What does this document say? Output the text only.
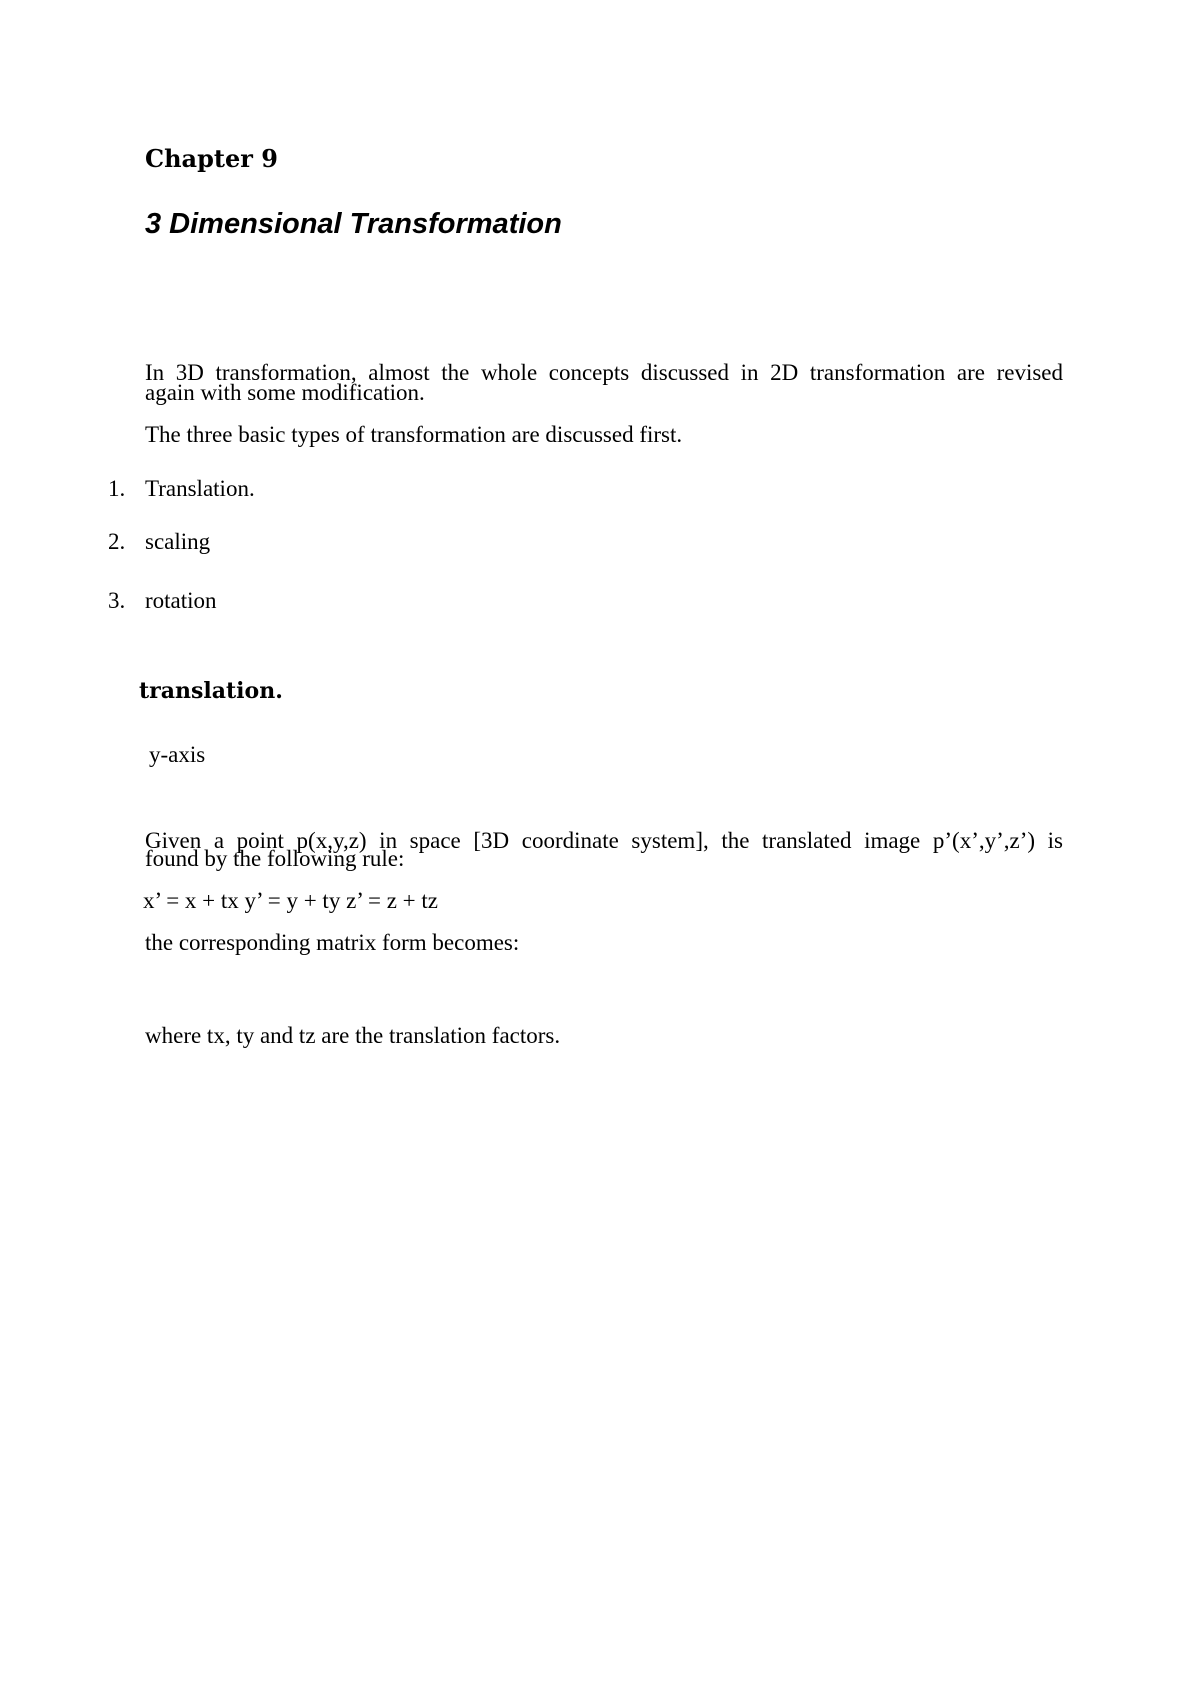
Chapter 9

3 Dimensional Transformation

In 3D transformation, almost the whole concepts discussed in 2D transformation are revised

again with some modification.

The three basic types of transformation are discussed first.

1. Translation.
2. scaling
3. rotation
translation.

y-axis

Given a point p(x,y,z) in space [3D coordinate system], the translated image p’(x’,y’,z’) is

found by the following rule:

x’ = x + tx y’ = y + ty z’ = z + tz

the corresponding matrix form becomes:

where tx, ty and tz are the translation factors.
